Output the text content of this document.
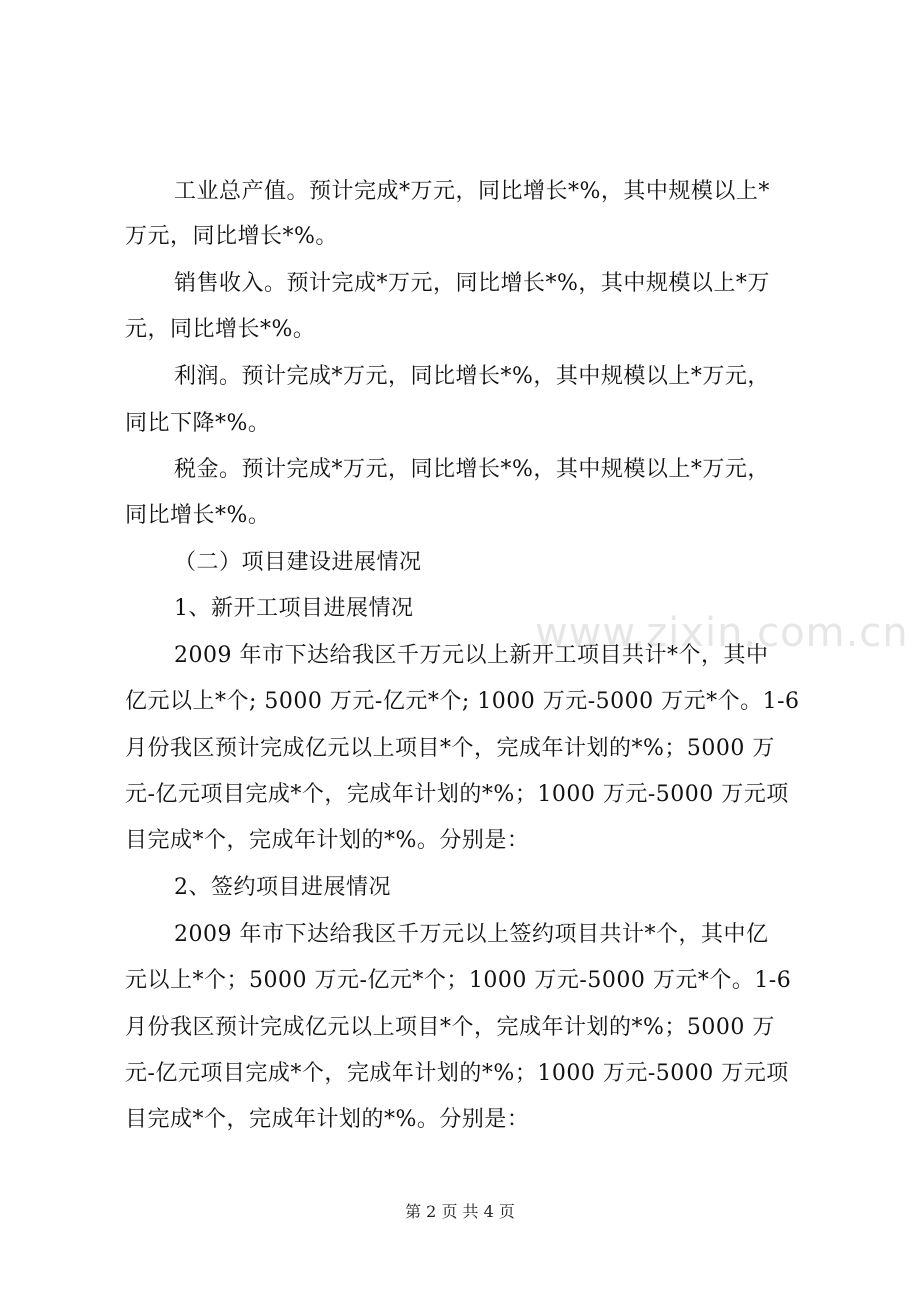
www.zixin.com.cn
工业总产值。预计完成*万元，同比增长*%，其中规模以上*
万元，同比增长*%。
销售收入。预计完成*万元，同比增长*%，其中规模以上*万
元，同比增长*%。
利润。预计完成*万元，同比增长*%，其中规模以上*万元，
同比下降*%。
税金。预计完成*万元，同比增长*%，其中规模以上*万元，
同比增长*%。
（二）项目建设进展情况
1、新开工项目进展情况
2009 年市下达给我区千万元以上新开工项目共计*个，其中
亿元以上*个; 5000 万元-亿元*个; 1000 万元-5000 万元*个。1-6
月份我区预计完成亿元以上项目*个，完成年计划的*%；5000 万
元-亿元项目完成*个，完成年计划的*%；1000 万元-5000 万元项
目完成*个，完成年计划的*%。分别是：
2、签约项目进展情况
2009 年市下达给我区千万元以上签约项目共计*个，其中亿
元以上*个；5000 万元-亿元*个；1000 万元-5000 万元*个。1-6
月份我区预计完成亿元以上项目*个，完成年计划的*%；5000 万
元-亿元项目完成*个，完成年计划的*%；1000 万元-5000 万元项
目完成*个，完成年计划的*%。分别是：
第 2 页 共 4 页
